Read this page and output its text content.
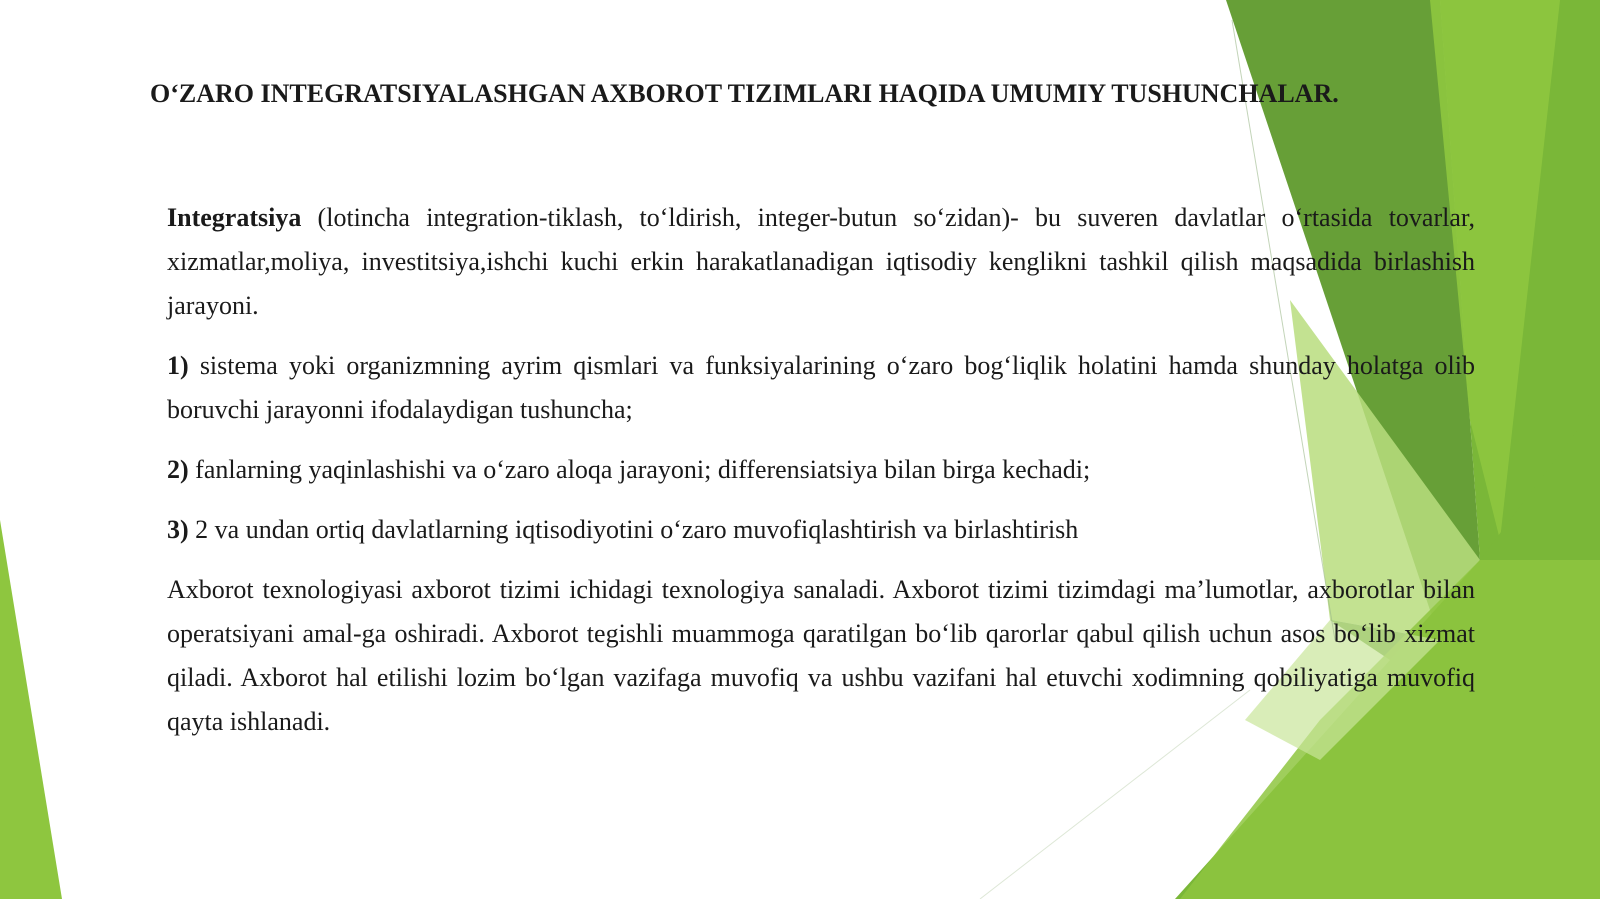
O‘ZARO INTEGRATSIYALASHGAN AXBOROT TIZIMLARI HAQIDA UMUMIY TUSHUNCHALAR.

Integratsiya (lotincha integration-tiklash, to‘ldirish, integer-butun so‘zidan)- bu suveren davlatlar o‘rtasida tovarlar, xizmatlar,moliya, investitsiya,ishchi kuchi erkin harakatlanadigan iqtisodiy kenglikni tashkil qilish maqsadida birlashish jarayoni.

1) sistema yoki organizmning ayrim qismlari va funksiyalarining o‘zaro bog‘liqlik holatini hamda shunday holatga olib boruvchi jarayonni ifodalaydigan tushuncha;

2) fanlarning yaqinlashishi va o‘zaro aloqa jarayoni; differensiatsiya bilan birga kechadi;

3) 2 va undan ortiq davlatlarning iqtisodiyotini o‘zaro muvofiqlashtirish va birlashtirish

Axborot texnologiyasi axborot tizimi ichidagi texnologiya sanaladi. Axborot tizimi tizimdagi ma’lumotlar, axborotlar bilan operatsiyani amal-ga oshiradi. Axborot tegishli muammoga qaratilgan bo‘lib qarorlar qabul qilish uchun asos bo‘lib xizmat qiladi. Axborot hal etilishi lozim bo‘lgan vazifaga muvofiq va ushbu vazifani hal etuvchi xodimning qobiliyatiga muvofiq qayta ishlanadi.
